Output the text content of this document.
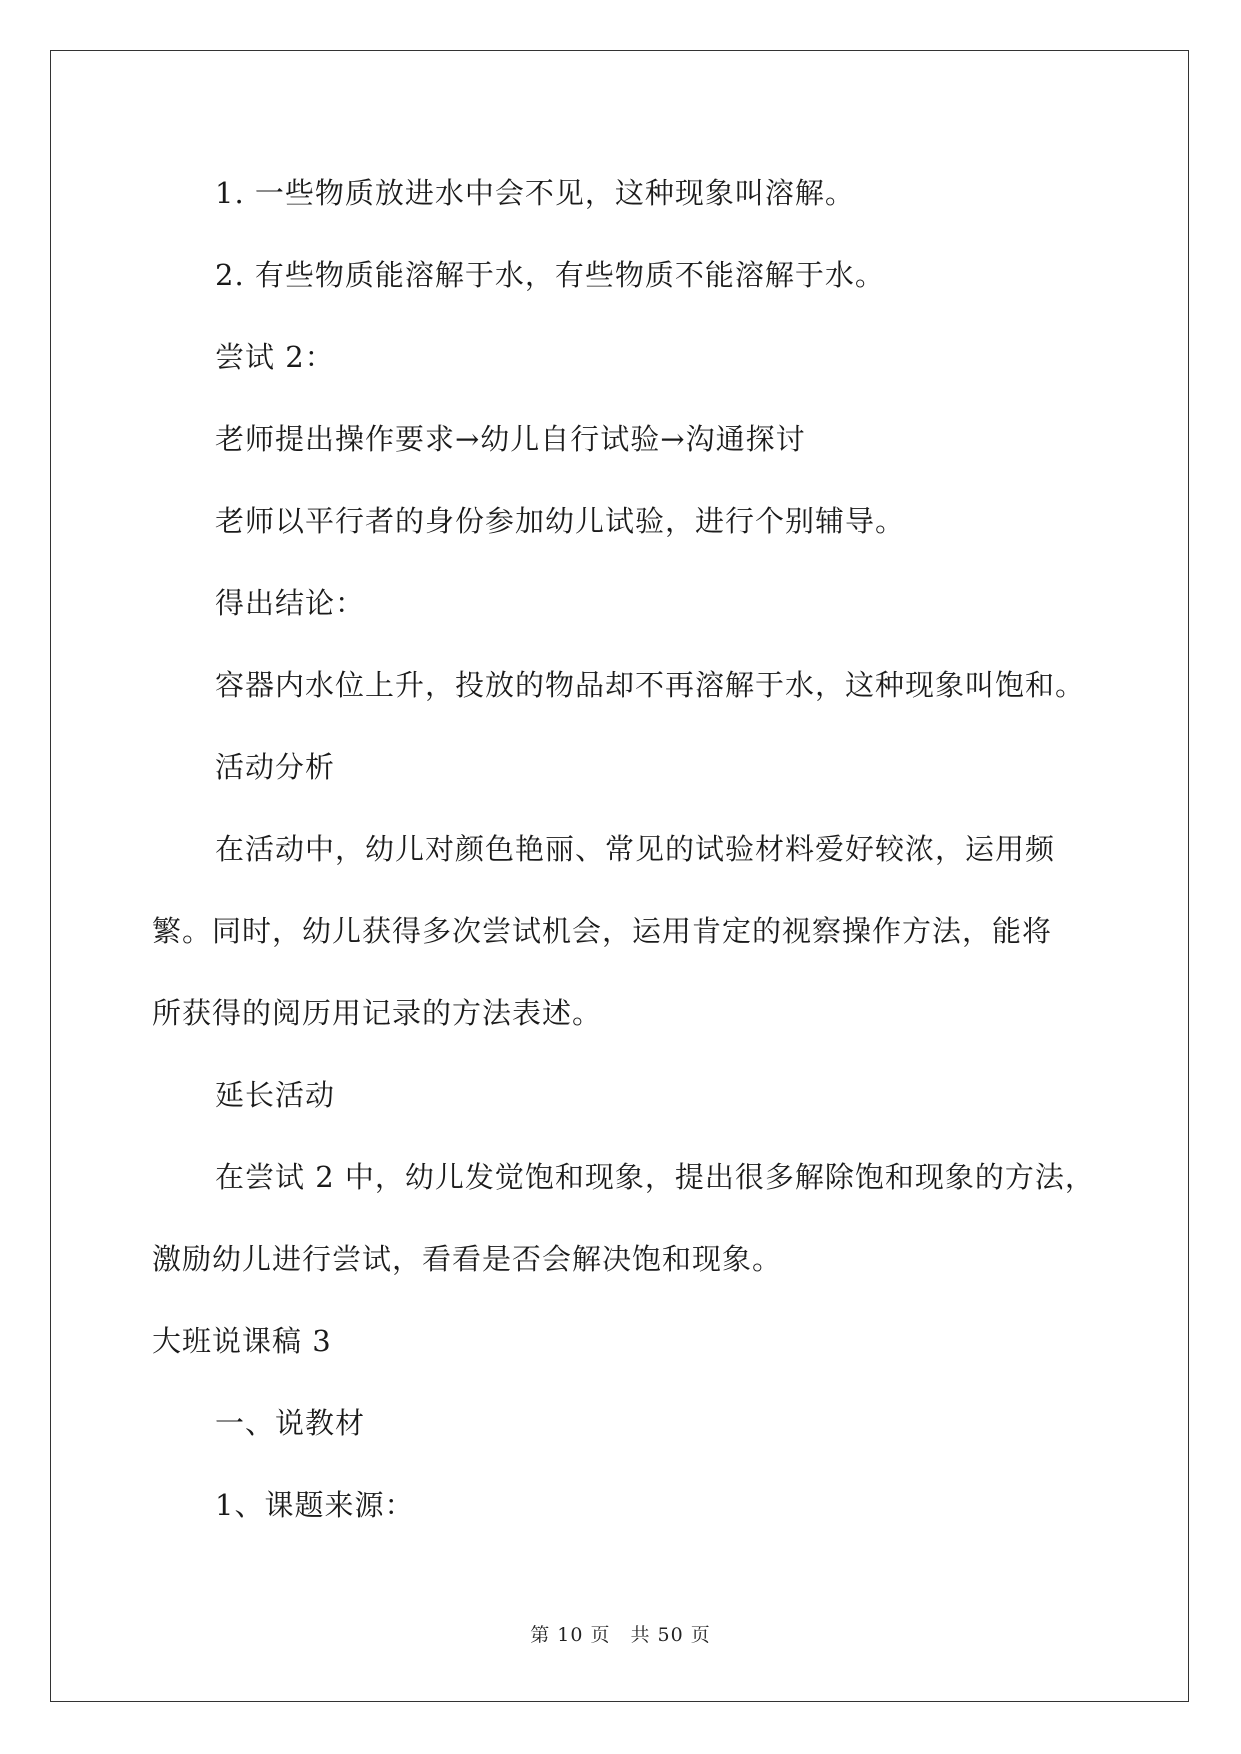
1. 一些物质放进水中会不见，这种现象叫溶解。
2. 有些物质能溶解于水，有些物质不能溶解于水。
尝试 2：
老师提出操作要求→幼儿自行试验→沟通探讨
老师以平行者的身份参加幼儿试验，进行个别辅导。
得出结论：
容器内水位上升，投放的物品却不再溶解于水，这种现象叫饱和。
活动分析
在活动中，幼儿对颜色艳丽、常见的试验材料爱好较浓，运用频
繁。同时，幼儿获得多次尝试机会，运用肯定的视察操作方法，能将
所获得的阅历用记录的方法表述。
延长活动
在尝试 2 中，幼儿发觉饱和现象，提出很多解除饱和现象的方法，
激励幼儿进行尝试，看看是否会解决饱和现象。
大班说课稿 3
一、说教材
1、课题来源：
第 10 页　共 50 页
